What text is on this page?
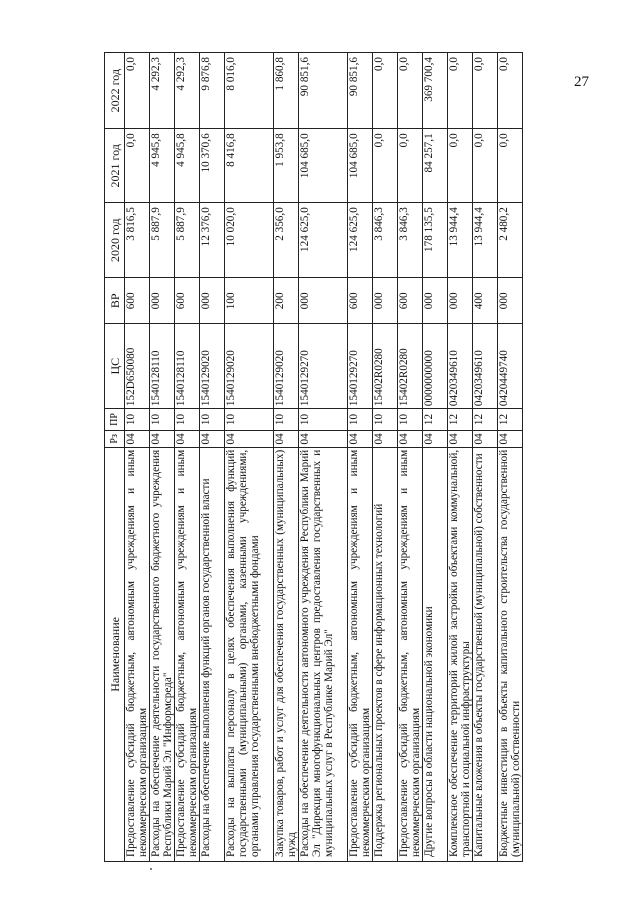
27
Наименование	Рз	ПР	ЦС	ВР	2020 год	2021 год	2022 год
Предоставление субсидий бюджетным, автономным учреждениям и иным некоммерческим организациям	04	10	152D650080	600	3 816,5	0,0	0,0
Расходы на обеспечение деятельности государственного бюджетного учреждения Республики Марий Эл "Информсреда"	04	10	1540128110	000	5 887,9	4 945,8	4 292,3
Предоставление субсидий бюджетным, автономным учреждениям и иным некоммерческим организациям	04	10	1540128110	600	5 887,9	4 945,8	4 292,3
Расходы на обеспечение выполнения функций органов государственной власти	04	10	1540129020	000	12 376,0	10 370,6	9 876,8
Расходы на выплаты персоналу в целях обеспечения выполнения функций государственными (муниципальными) органами, казенными учреждениями, органами управления государственными внебюджетными фондами	04	10	1540129020	100	10 020,0	8 416,8	8 016,0
Закупка товаров, работ и услуг для обеспечения государственных (муниципальных) нужд	04	10	1540129020	200	2 356,0	1 953,8	1 860,8
Расходы на обеспечение деятельности автономного учреждения Республики Марий Эл "Дирекция многофункциональных центров предоставления государственных и муниципальных услуг в Республике Марий Эл"	04	10	1540129270	000	124 625,0	104 685,0	90 851,6
Предоставление субсидий бюджетным, автономным учреждениям и иным некоммерческим организациям	04	10	1540129270	600	124 625,0	104 685,0	90 851,6
Поддержка региональных проектов в сфере информационных технологий	04	10	15402R0280	000	3 846,3	0,0	0,0
Предоставление субсидий бюджетным, автономным учреждениям и иным некоммерческим организациям	04	10	15402R0280	600	3 846,3	0,0	0,0
Другие вопросы в области национальной экономики	04	12	0000000000	000	178 135,5	84 257,1	369 700,4
Комплексное обеспечение территорий жилой застройки объектами коммунальной, транспортной и социальной инфраструктуры	04	12	0420349610	000	13 944,4	0,0	0,0
Капитальные вложения в объекты государственной (муниципальной) собственности	04	12	0420349610	400	13 944,4	0,0	0,0
Бюджетные инвестиции в объекты капитального строительства государственной (муниципальной) собственности	04	12	0420449740	000	2 480,2	0,0	0,0
